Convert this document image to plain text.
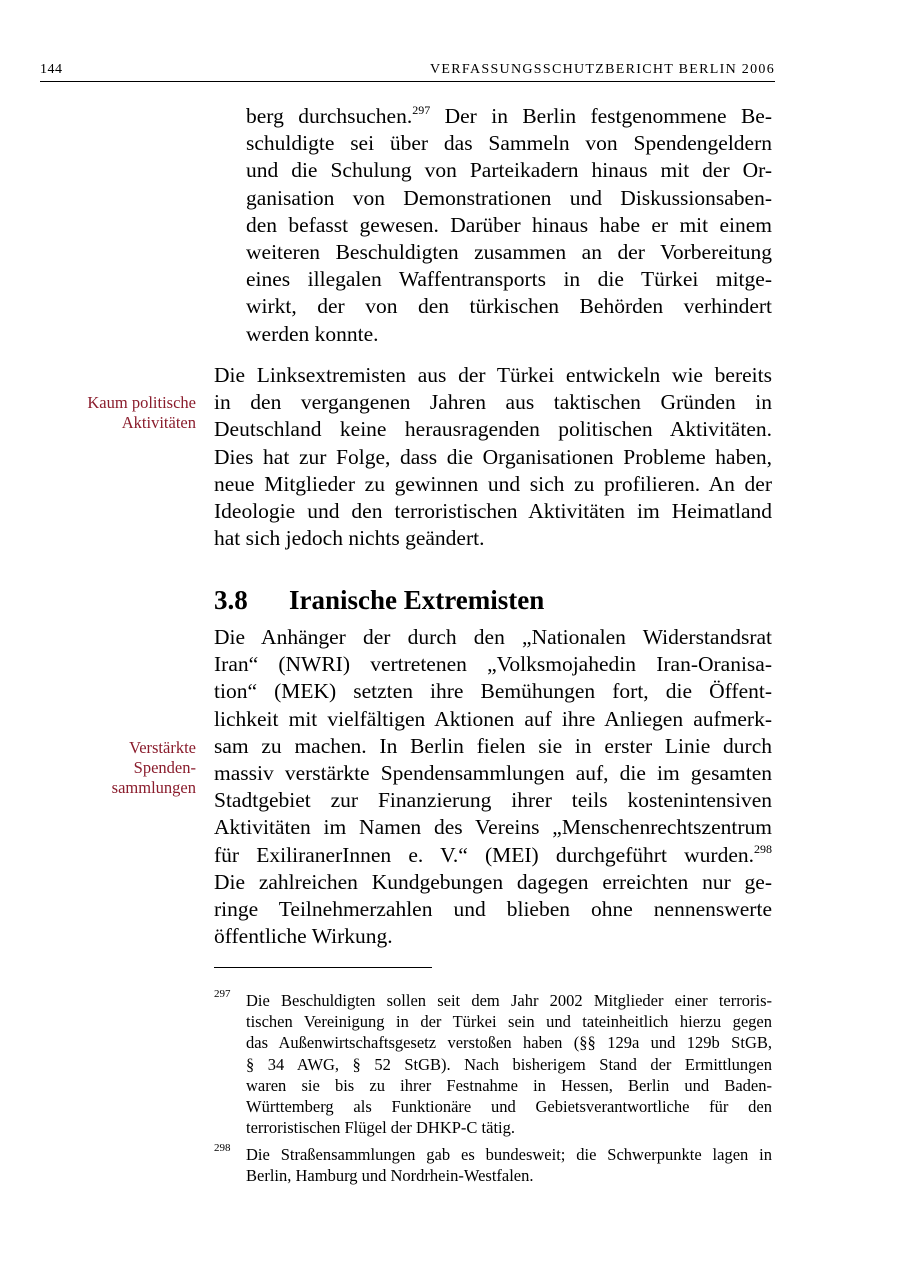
144	VERFASSUNGSSCHUTZBERICHT BERLIN 2006
berg durchsuchen.$^{297}$ Der in Berlin festgenommene Be-
schuldigte sei über das Sammeln von Spendengeldern
und die Schulung von Parteikadern hinaus mit der Or-
ganisation von Demonstrationen und Diskussionsaben-
den befasst gewesen. Darüber hinaus habe er mit einem
weiteren Beschuldigten zusammen an der Vorbereitung
eines illegalen Waffentransports in die Türkei mitge-
wirkt, der von den türkischen Behörden verhindert
werden konnte.
Kaum politische
Aktivitäten
Die Linksextremisten aus der Türkei entwickeln wie bereits
in den vergangenen Jahren aus taktischen Gründen in
Deutschland keine herausragenden politischen Aktivitäten.
Dies hat zur Folge, dass die Organisationen Probleme haben,
neue Mitglieder zu gewinnen und sich zu profilieren. An der
Ideologie und den terroristischen Aktivitäten im Heimatland
hat sich jedoch nichts geändert.
3.8 Iranische Extremisten
Verstärkte
Spenden-
sammlungen
Die Anhänger der durch den „Nationalen Widerstandsrat
Iran“ (NWRI) vertretenen „Volksmojahedin Iran-Oranisa-
tion“ (MEK) setzten ihre Bemühungen fort, die Öffent-
lichkeit mit vielfältigen Aktionen auf ihre Anliegen aufmerk-
sam zu machen. In Berlin fielen sie in erster Linie durch
massiv verstärkte Spendensammlungen auf, die im gesamten
Stadtgebiet zur Finanzierung ihrer teils kostenintensiven
Aktivitäten im Namen des Vereins „Menschenrechtszentrum
für ExiliranerInnen e. V.“ (MEI) durchgeführt wurden.$^{298}$
Die zahlreichen Kundgebungen dagegen erreichten nur ge-
ringe Teilnehmerzahlen und blieben ohne nennenswerte
öffentliche Wirkung.
297 Die Beschuldigten sollen seit dem Jahr 2002 Mitglieder einer terroris-
tischen Vereinigung in der Türkei sein und tateinheitlich hierzu gegen
das Außenwirtschaftsgesetz verstoßen haben (§§ 129a und 129b StGB,
§ 34 AWG, § 52 StGB). Nach bisherigem Stand der Ermittlungen
waren sie bis zu ihrer Festnahme in Hessen, Berlin und Baden-
Württemberg als Funktionäre und Gebietsverantwortliche für den
terroristischen Flügel der DHKP-C tätig.
298 Die Straßensammlungen gab es bundesweit; die Schwerpunkte lagen in
Berlin, Hamburg und Nordrhein-Westfalen.
